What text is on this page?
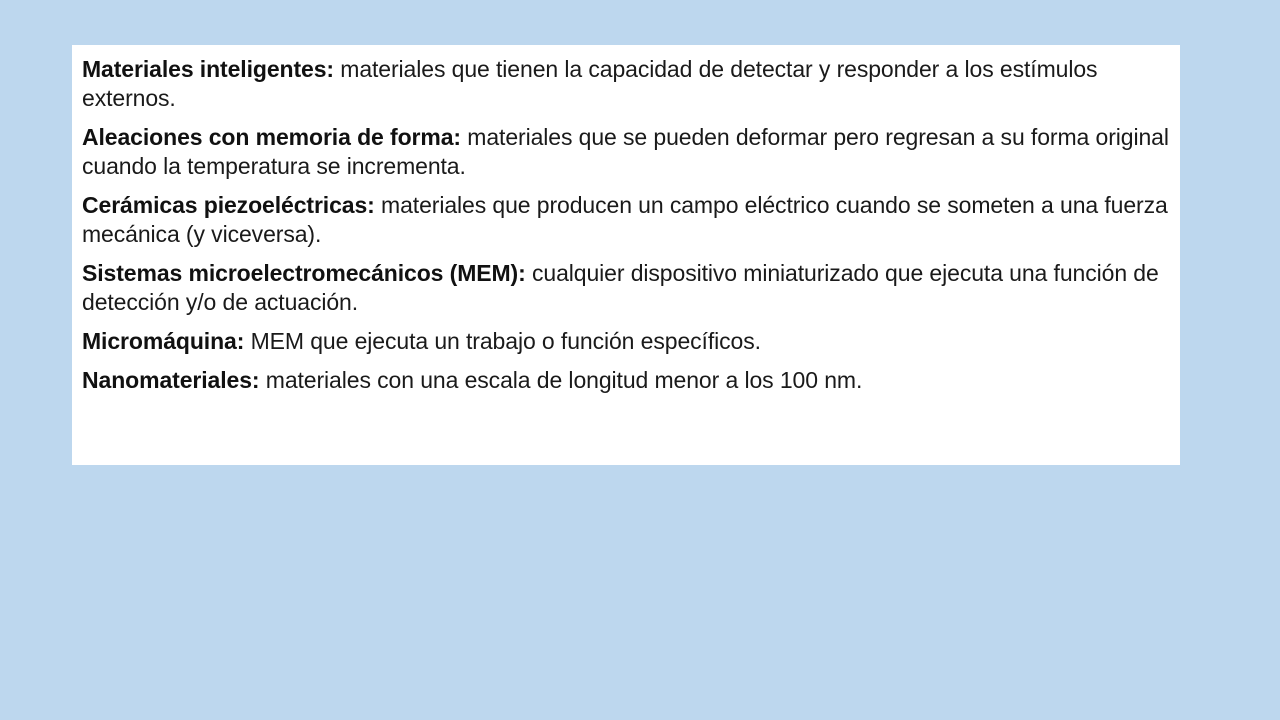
Materiales inteligentes: materiales que tienen la capacidad de detectar y responder a los estímulos externos.

Aleaciones con memoria de forma: materiales que se pueden deformar pero regresan a su forma original cuando la temperatura se incrementa.

Cerámicas piezoeléctricas: materiales que producen un campo eléctrico cuando se someten a una fuerza mecánica (y viceversa).

Sistemas microelectromecánicos (MEM): cualquier dispositivo miniaturizado que ejecuta una función de detección y/o de actuación.

Micromáquina: MEM que ejecuta un trabajo o función específicos.

Nanomateriales: materiales con una escala de longitud menor a los 100 nm.
